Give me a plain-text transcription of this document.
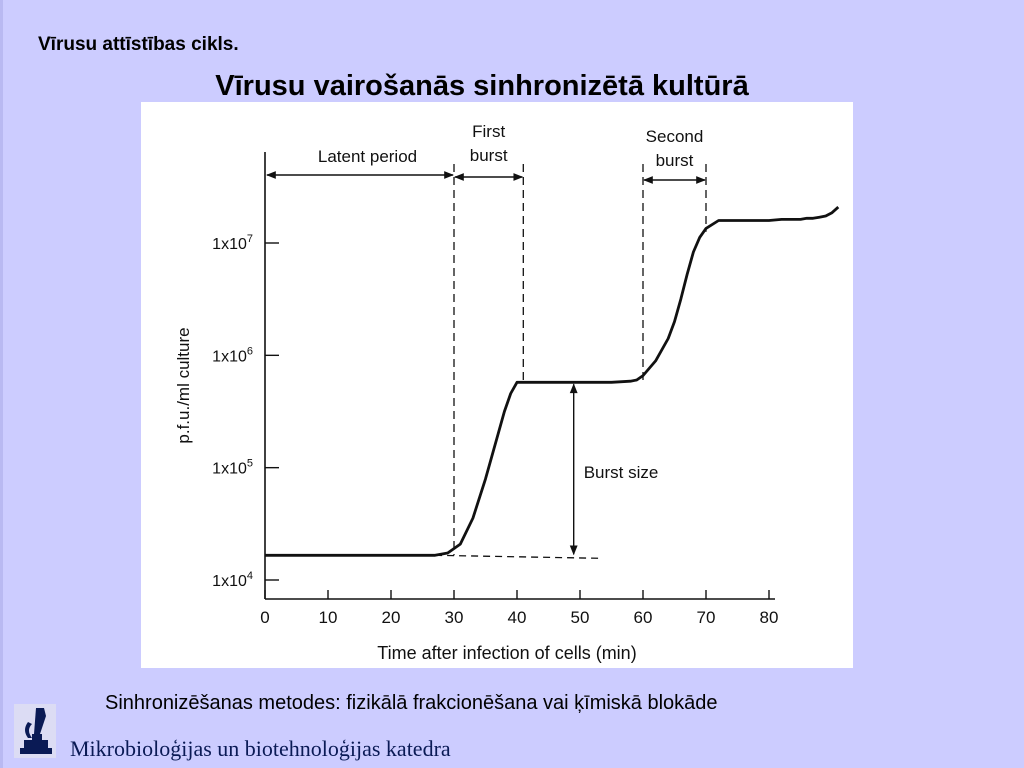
Vīrusu attīstības cikls.
Vīrusu vairošanās sinhronizētā kultūrā
0	10	20	30	40	50	60	70	80
$1x10^4$
$1x10^5$
$1x10^6$
$1x10^7$
Time after infection of cells (min)
p.f.u./ml culture
Latent period
First
burst
Second
burst
Burst size
Sinhronizēšanas metodes: fizikālā frakcionēšana vai ķīmiskā blokāde
Mikrobioloģijas un biotehnoloģijas katedra
